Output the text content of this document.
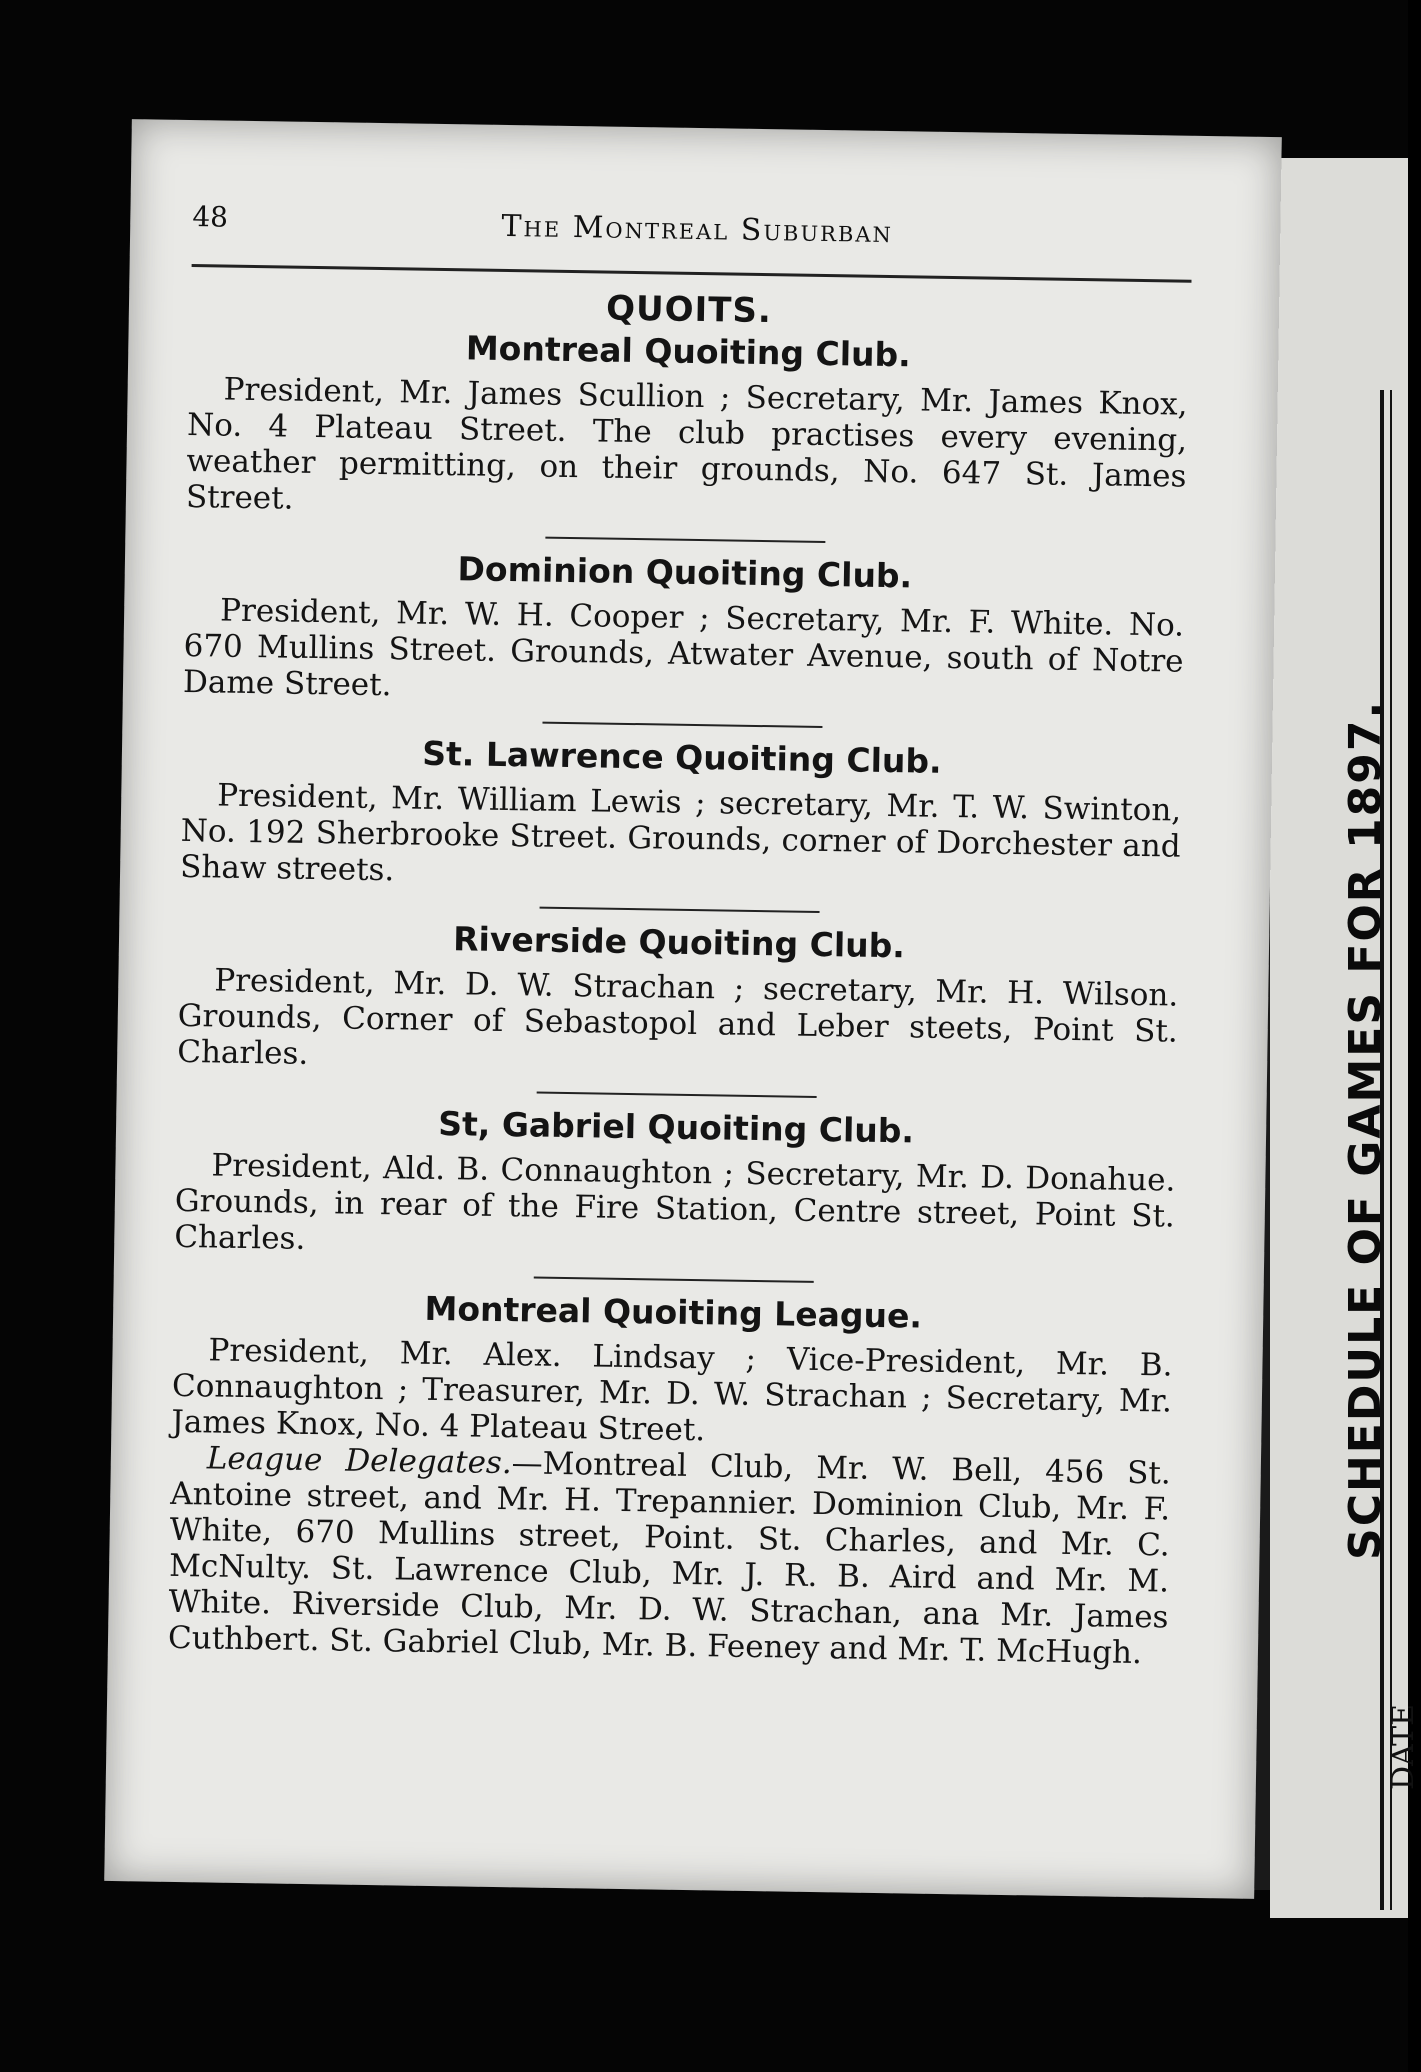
SCHEDULE OF GAMES FOR 1897.
DATE
48	The Montreal Suburban
QUOITS.
Montreal Quoiting Club.

President, Mr. James Scullion ; Secretary, Mr. James Knox, No. 4 Plateau Street. The club practises every evening, weather permitting, on their grounds, No. 647 St. James Street.

Dominion Quoiting Club.

President, Mr. W. H. Cooper ; Secretary, Mr. F. White. No. 670 Mullins Street. Grounds, Atwater Avenue, south of Notre Dame Street.

St. Lawrence Quoiting Club.

President, Mr. William Lewis ; secretary, Mr. T. W. Swinton, No. 192 Sherbrooke Street. Grounds, corner of Dorchester and Shaw streets.

Riverside Quoiting Club.

President, Mr. D. W. Strachan ; secretary, Mr. H. Wilson. Grounds, Corner of Sebastopol and Leber steets, Point St. Charles.

St, Gabriel Quoiting Club.

President, Ald. B. Connaughton ; Secretary, Mr. D. Donahue. Grounds, in rear of the Fire Station, Centre street, Point St. Charles.

Montreal Quoiting League.

President, Mr. Alex. Lindsay ; Vice-President, Mr. B. Connaughton ; Treasurer, Mr. D. W. Strachan ; Secretary, Mr. James Knox, No. 4 Plateau Street.

League Delegates.—Montreal Club, Mr. W. Bell, 456 St. Antoine street, and Mr. H. Trepannier. Dominion Club, Mr. F. White, 670 Mullins street, Point. St. Charles, and Mr. C. McNulty. St. Lawrence Club, Mr. J. R. B. Aird and Mr. M. White. Riverside Club, Mr. D. W. Strachan, ana Mr. James Cuthbert. St. Gabriel Club, Mr. B. Feeney and Mr. T. McHugh.
